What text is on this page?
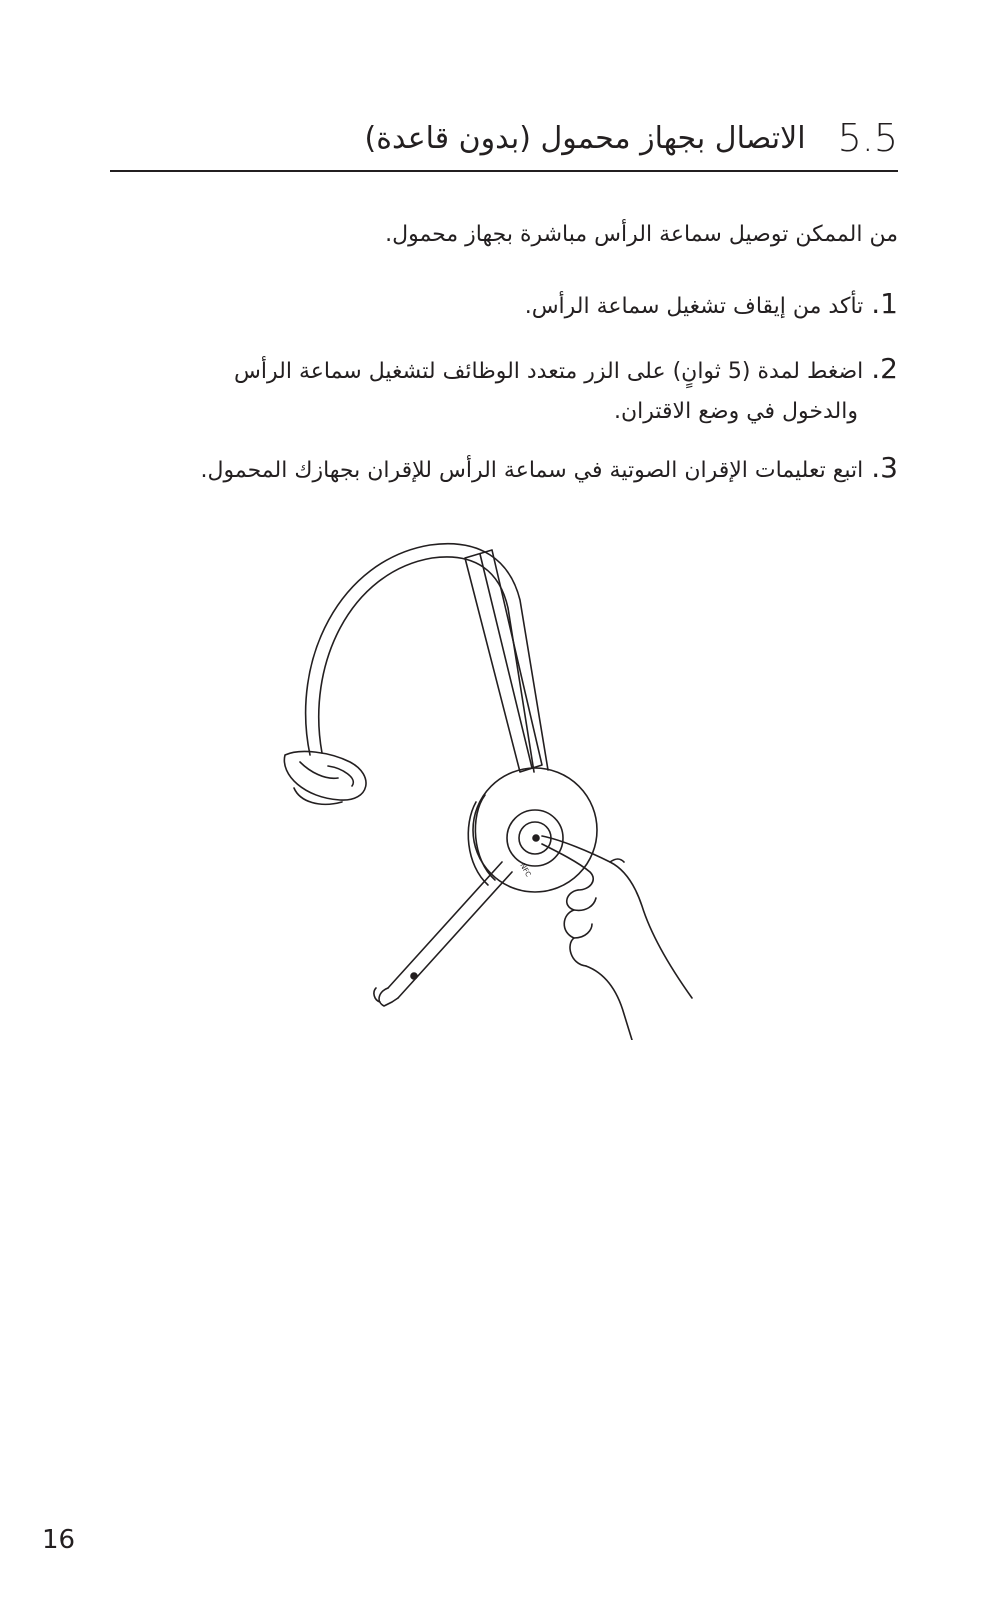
5.5
الاتصال بجهاز محمول (بدون قاعدة)

من الممكن توصيل سماعة الرأس مباشرة بجهاز محمول.

.1تأكد من إيقاف تشغيل سماعة الرأس.
.2اضغط لمدة (5 ثوانٍ) على الزر متعدد الوظائف لتشغيل سماعة الرأس
والدخول في وضع الاقتران.
.3اتبع تعليمات الإقران الصوتية في سماعة الرأس للإقران بجهازك المحمول.
NFC
16
